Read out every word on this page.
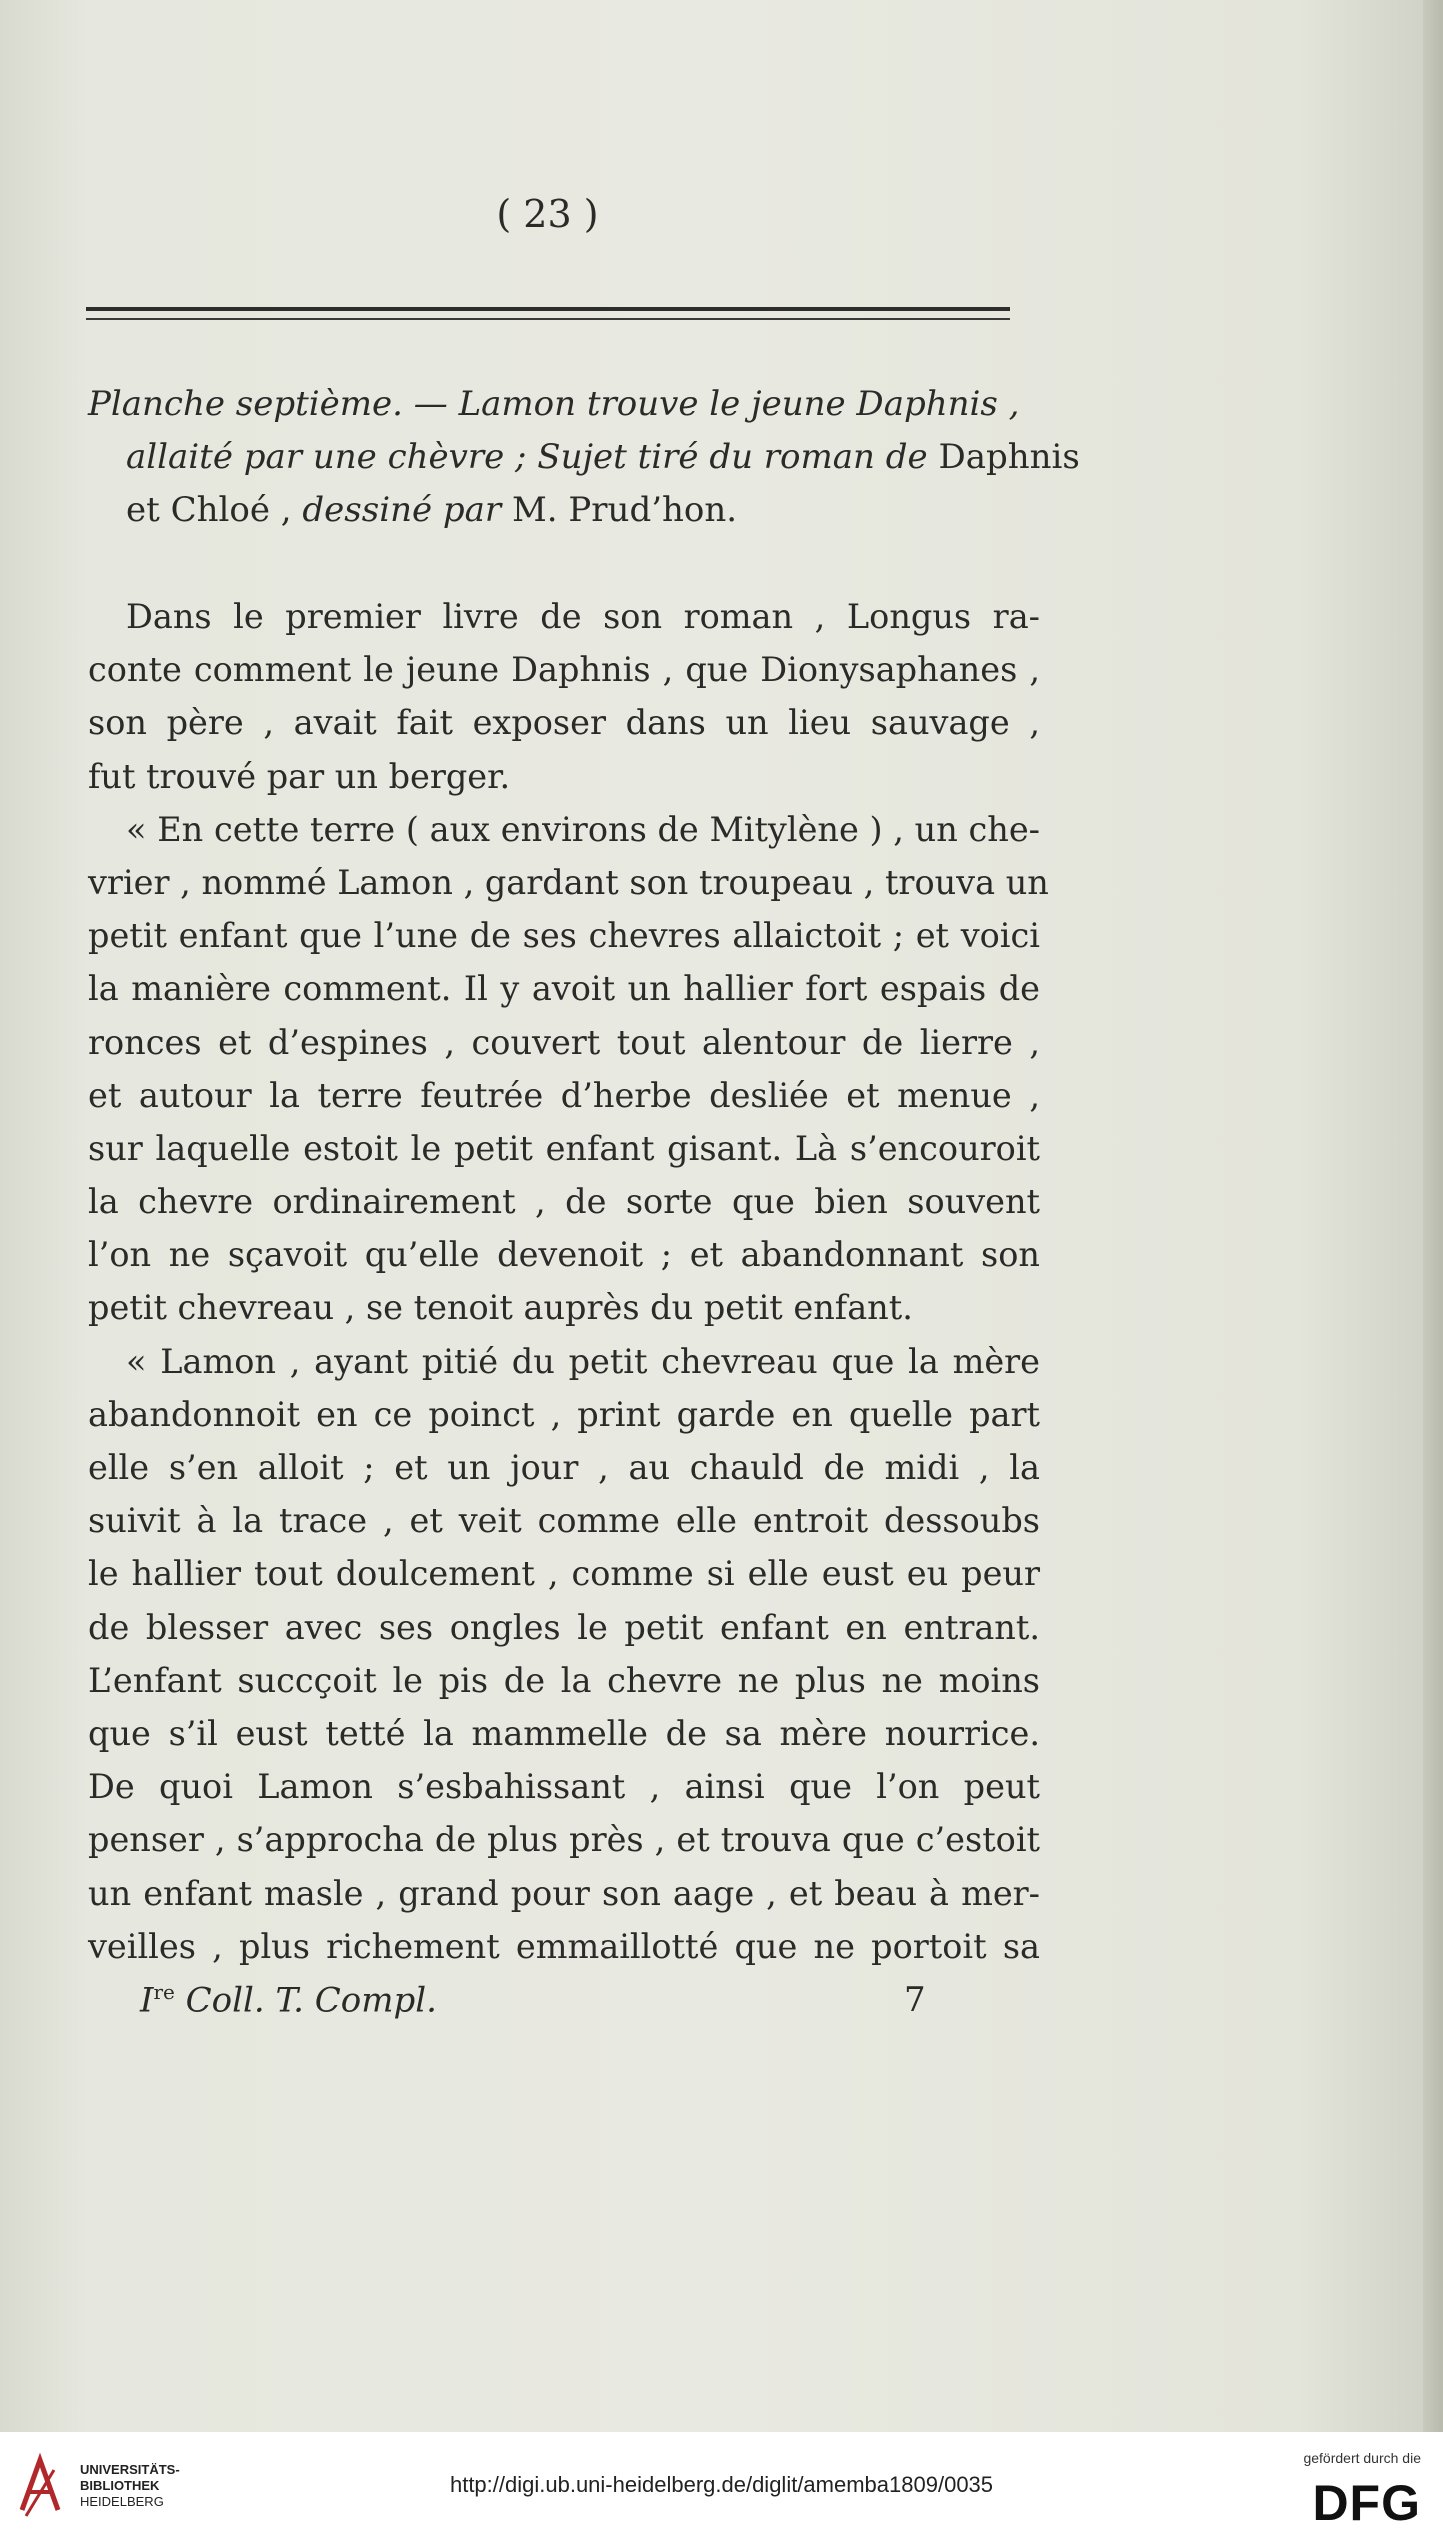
( 23 )
Planche septième. — Lamon trouve le jeune Daphnis ,
allaité par une chèvre ; Sujet tiré du roman de Daphnis
et Chloé , dessiné par M. Prud’hon.
Dans le premier livre de son roman , Longus ra-
conte comment le jeune Daphnis , que Dionysaphanes ,
son père , avait fait exposer dans un lieu sauvage ,
fut trouvé par un berger.
« En cette terre ( aux environs de Mitylène ) , un che-
vrier , nommé Lamon , gardant son troupeau , trouva un
petit enfant que l’une de ses chevres allaictoit ; et voici
la manière comment. Il y avoit un hallier fort espais de
ronces et d’espines , couvert tout alentour de lierre ,
et autour la terre feutrée d’herbe desliée et menue ,
sur laquelle estoit le petit enfant gisant. Là s’encouroit
la chevre ordinairement , de sorte que bien souvent
l’on ne sçavoit qu’elle devenoit ; et abandonnant son
petit chevreau , se tenoit auprès du petit enfant.
« Lamon , ayant pitié du petit chevreau que la mère
abandonnoit en ce poinct , print garde en quelle part
elle s’en alloit ; et un jour , au chauld de midi , la
suivit à la trace , et veit comme elle entroit dessoubs
le hallier tout doulcement , comme si elle eust eu peur
de blesser avec ses ongles le petit enfant en entrant.
L’enfant succçoit le pis de la chevre ne plus ne moins
que s’il eust tetté la mammelle de sa mère nourrice.
De quoi Lamon s’esbahissant , ainsi que l’on peut
penser , s’approcha de plus près , et trouva que c’estoit
un enfant masle , grand pour son aage , et beau à mer-
veilles , plus richement emmaillotté que ne portoit sa
Ire Coll. T. Compl.	7
UNIVERSITÄTS-
BIBLIOTHEK
HEIDELBERG
http://digi.ub.uni-heidelberg.de/diglit/amemba1809/0035
gefördert durch die
DFG
